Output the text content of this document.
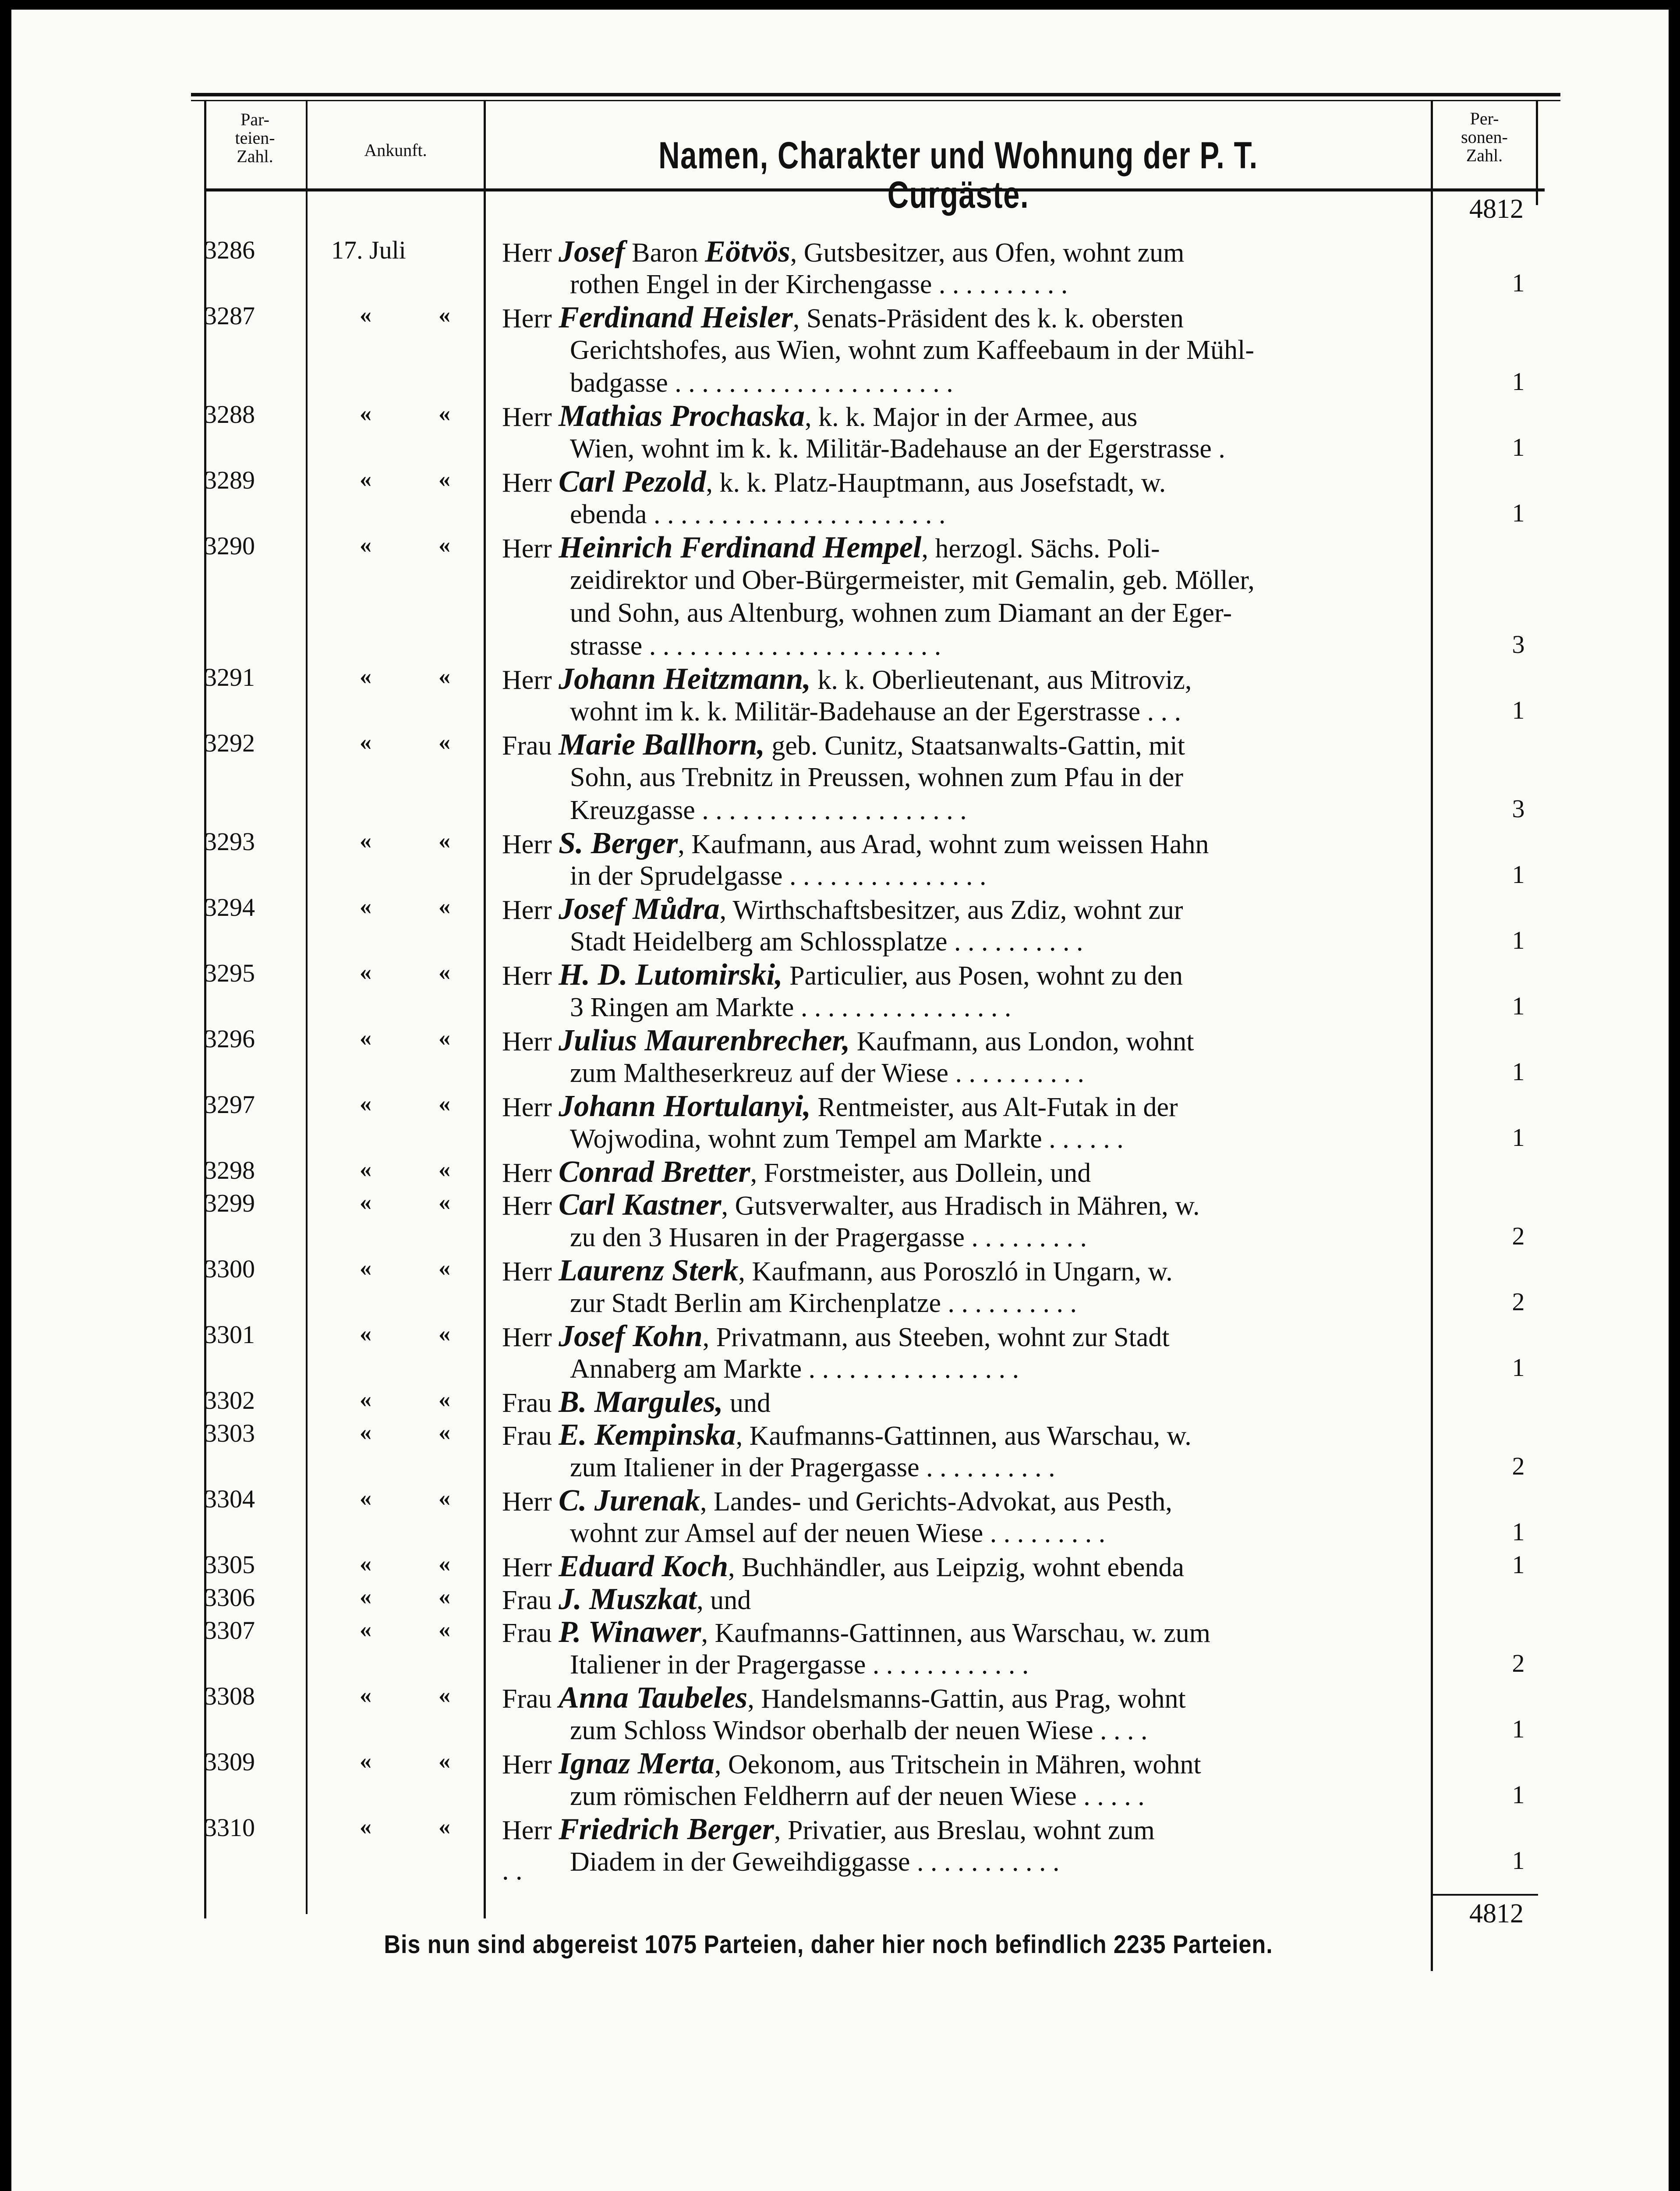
Par-
teien-
Zahl.	Ankunft.	Namen, Charakter und Wohnung der P. T. Curgäste.
Per-
sonen-
Zahl.
4812
3286	17. Juli	Herr Josef Baron Eötvös, Gutsbesitzer, aus Ofen, wohnt zum
rothen Engel in der Kirchengasse . . . . . . . . . .	1
3287	«	« Herr Ferdinand Heisler, Senats-Präsident des k. k. obersten
Gerichtshofes, aus Wien, wohnt zum Kaffeebaum in der Mühl-
badgasse . . . . . . . . . . . . . . . . . . . . .	1
3288	«	« Herr Mathias Prochaska, k. k. Major in der Armee, aus
Wien, wohnt im k. k. Militär-Badehause an der Egerstrasse .	1
3289	«	« Herr Carl Pezold, k. k. Platz-Hauptmann, aus Josefstadt, w.
ebenda . . . . . . . . . . . . . . . . . . . . . .	1
3290	«	« Herr Heinrich Ferdinand Hempel, herzogl. Sächs. Poli-
zeidirektor und Ober-Bürgermeister, mit Gemalin, geb. Möller,
und Sohn, aus Altenburg, wohnen zum Diamant an der Eger-
strasse . . . . . . . . . . . . . . . . . . . . . .	3
3291	«	« Herr Johann Heitzmann, k. k. Oberlieutenant, aus Mitroviz,
wohnt im k. k. Militär-Badehause an der Egerstrasse . . .	1
3292	«	« Frau Marie Ballhorn, geb. Cunitz, Staatsanwalts-Gattin, mit
Sohn, aus Trebnitz in Preussen, wohnen zum Pfau in der
Kreuzgasse . . . . . . . . . . . . . . . . . . . .	3
3293	«	« Herr S. Berger, Kaufmann, aus Arad, wohnt zum weissen Hahn
in der Sprudelgasse . . . . . . . . . . . . . . .	1
3294	«	« Herr Josef Můdra, Wirthschaftsbesitzer, aus Zdiz, wohnt zur
Stadt Heidelberg am Schlossplatze . . . . . . . . . .	1
3295	«	« Herr H. D. Lutomirski, Particulier, aus Posen, wohnt zu den
3 Ringen am Markte . . . . . . . . . . . . . . . .	1
3296	«	« Herr Julius Maurenbrecher, Kaufmann, aus London, wohnt
zum Maltheserkreuz auf der Wiese . . . . . . . . . .	1
3297	«	« Herr Johann Hortulanyi, Rentmeister, aus Alt-Futak in der
Wojwodina, wohnt zum Tempel am Markte . . . . . .	1
3298	«	« Herr Conrad Bretter, Forstmeister, aus Dollein, und
3299	«	« Herr Carl Kastner, Gutsverwalter, aus Hradisch in Mähren, w.
zu den 3 Husaren in der Pragergasse . . . . . . . . .	2
3300	«	« Herr Laurenz Sterk, Kaufmann, aus Poroszló in Ungarn, w.
zur Stadt Berlin am Kirchenplatze . . . . . . . . . .	2
3301	«	« Herr Josef Kohn, Privatmann, aus Steeben, wohnt zur Stadt
Annaberg am Markte . . . . . . . . . . . . . . . .	1
3302	«	« Frau B. Margules, und
3303	«	« Frau E. Kempinska, Kaufmanns-Gattinnen, aus Warschau, w.
zum Italiener in der Pragergasse . . . . . . . . . .	2
3304	«	« Herr C. Jurenak, Landes- und Gerichts-Advokat, aus Pesth,
wohnt zur Amsel auf der neuen Wiese . . . . . . . . .	1
3305	«	« Herr Eduard Koch, Buchhändler, aus Leipzig, wohnt ebenda	1
3306	«	« Frau J. Muszkat, und
3307	«	« Frau P. Winawer, Kaufmanns-Gattinnen, aus Warschau, w. zum
Italiener in der Pragergasse . . . . . . . . . . . .	2
3308	«	« Frau Anna Taubeles, Handelsmanns-Gattin, aus Prag, wohnt
zum Schloss Windsor oberhalb der neuen Wiese . . . .	1
3309	«	« Herr Ignaz Merta, Oekonom, aus Tritschein in Mähren, wohnt
zum römischen Feldherrn auf der neuen Wiese . . . . .	1
3310	«	« Herr Friedrich Berger, Privatier, aus Breslau, wohnt zum
Diadem in der Geweihdiggasse . . . . . . . . . . .	1
. .
4812
Bis nun sind abgereist 1075 Parteien, daher hier noch befindlich 2235 Parteien.
